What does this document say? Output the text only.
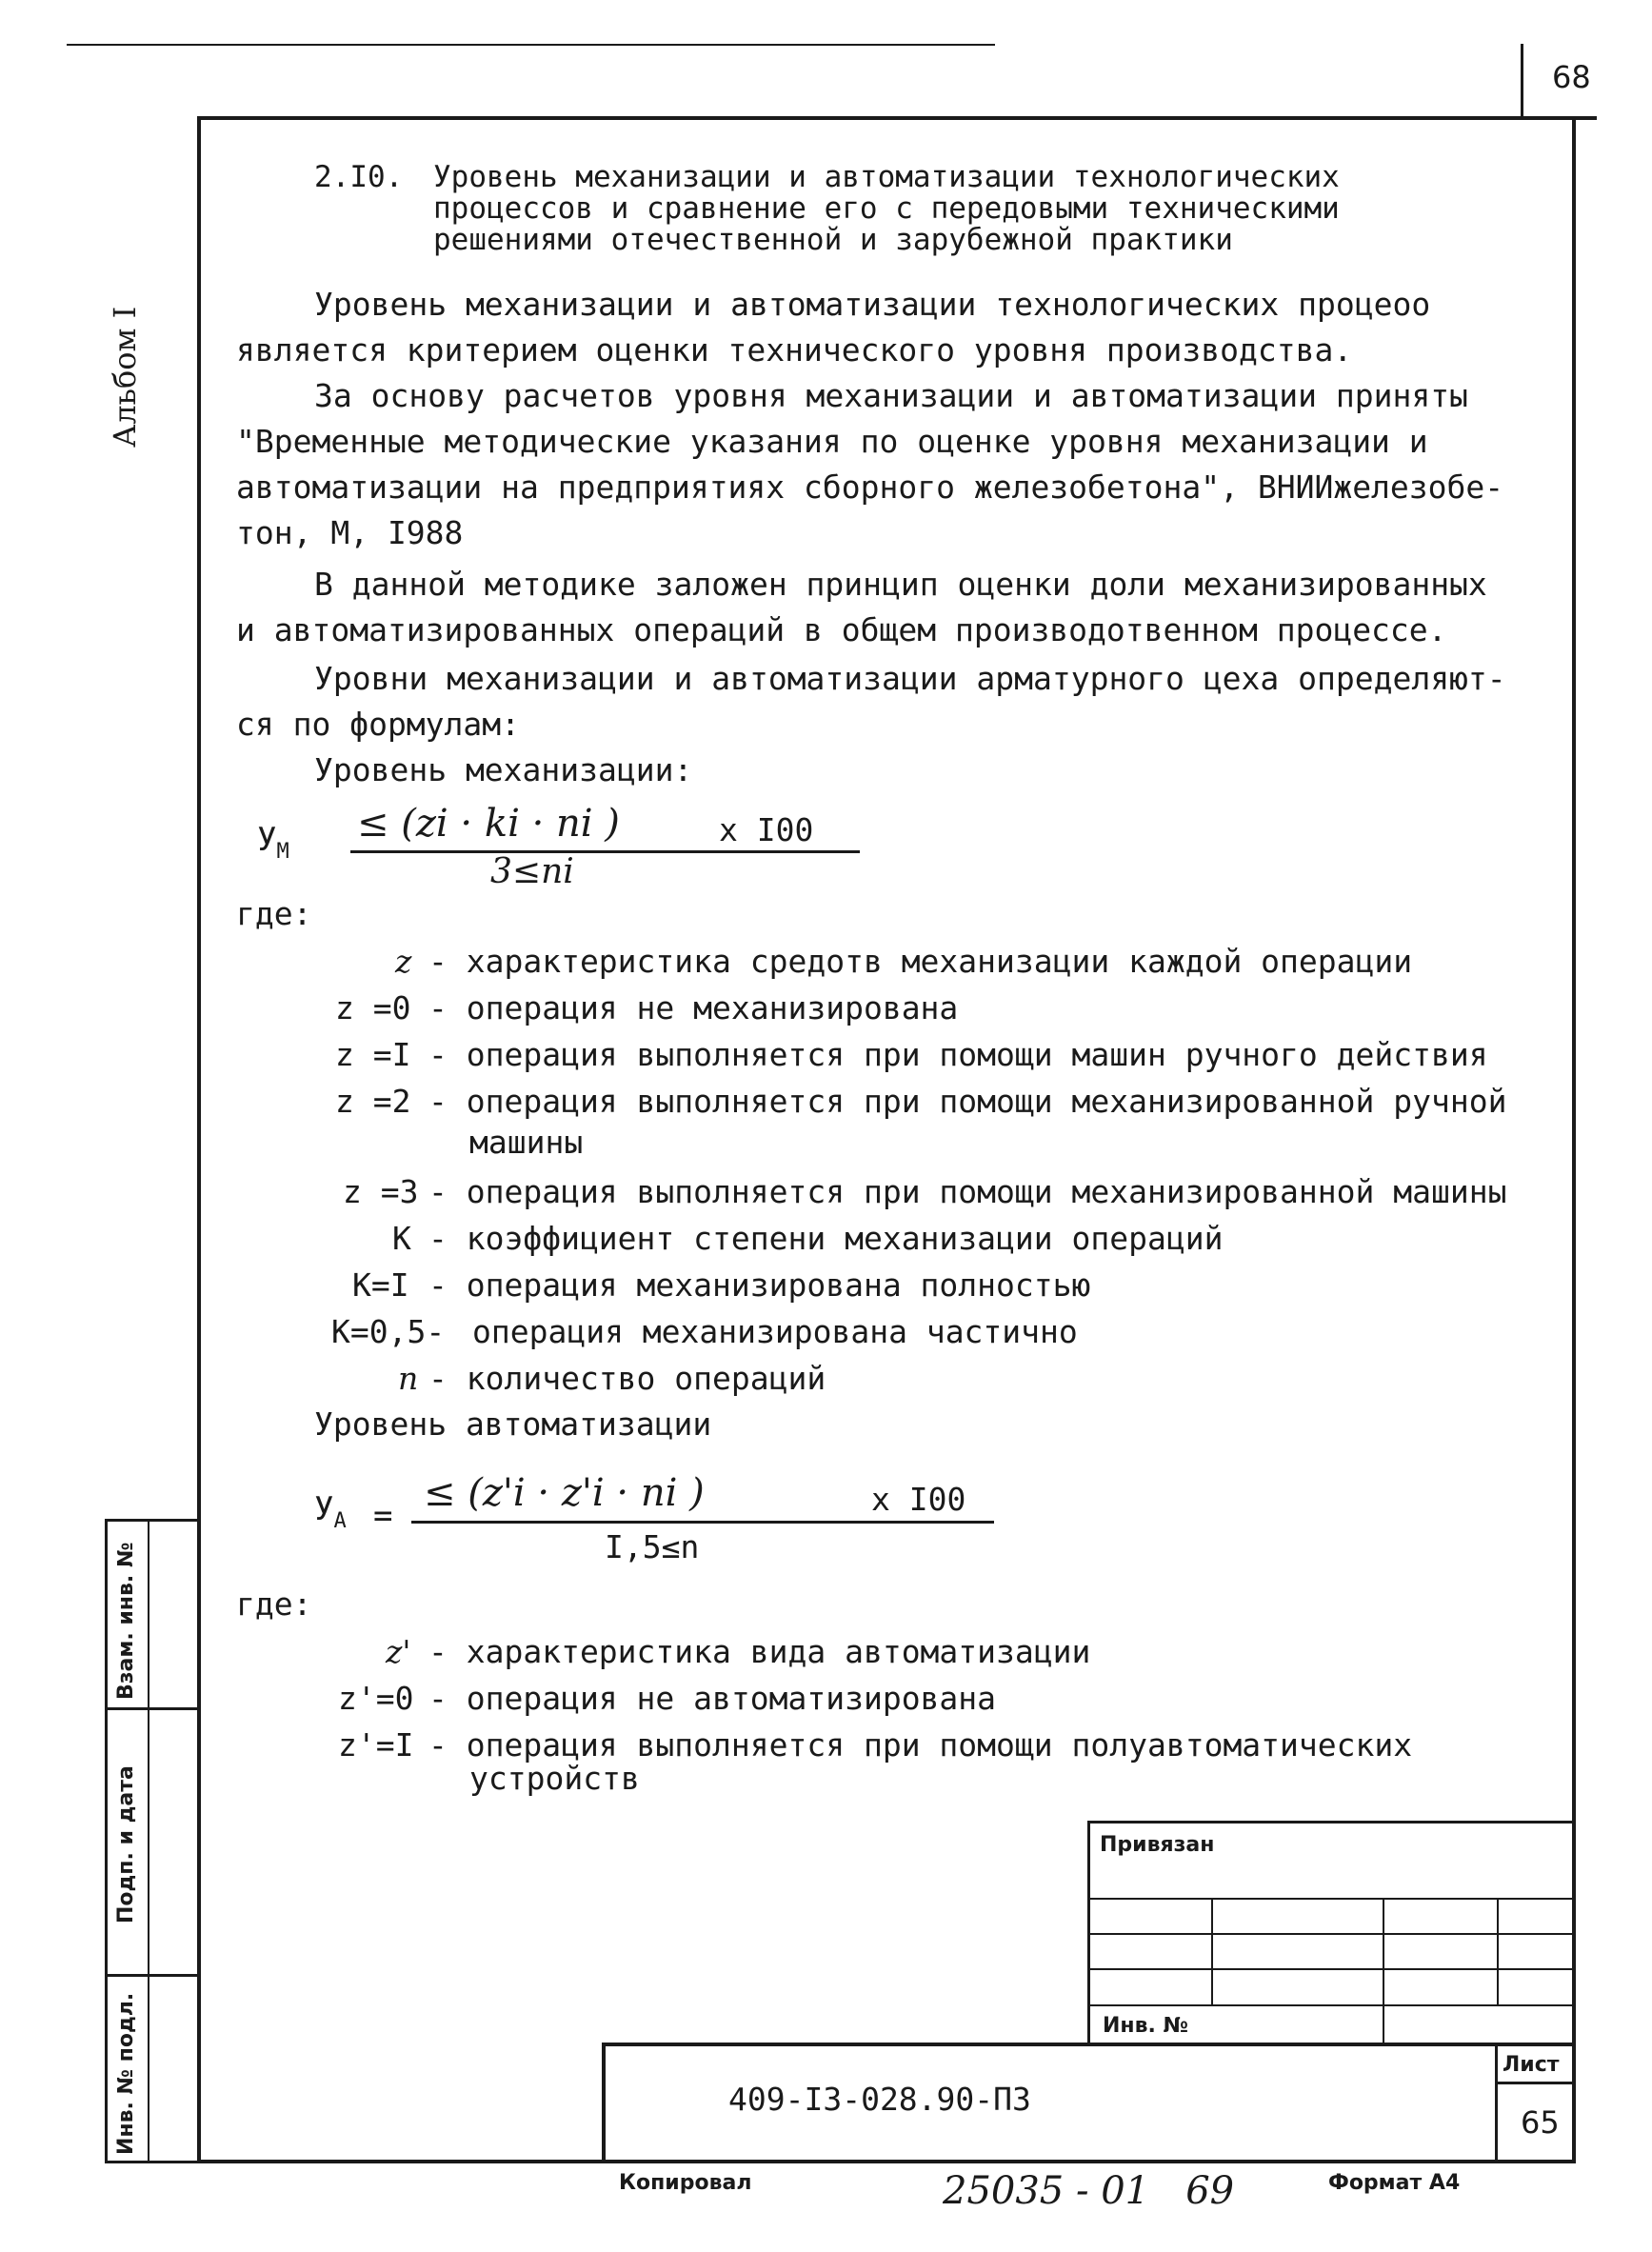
68
Альбом I
Взам. инв. №
Подп. и дата
Инв. № подл.
2.I0. Уровень механизации и автоматизации технологических
процессов и сравнение его с передовыми техническими
решениями отечественной и зарубежной практики
Уровень механизации и автоматизации технологических процеоо
является критерием оценки технического уровня производства.
За основу расчетов уровня механизации и автоматизации приняты
"Временные методические указания по оценке уровня механизации и
автоматизации на предприятиях сборного железобетона", ВНИИжелезобе-
тон, М, I988
В данной методике заложен принцип оценки доли механизированных
и автоматизированных операций в общем производотвенном процессе.
Уровни механизации и автоматизации арматурного цеха определяют-
ся по формулам:
Уровень механизации:
$У_М$
≤ (zi · ki · ni )	x I00
3≤ni
где:
z - характеристика средотв механизации каждой операции
z =0 - операция не механизирована
z =I - операция выполняется при помощи машин ручного действия
z =2 - операция выполняется при помощи механизированной ручной
машины
z =3 - операция выполняется при помощи механизированной машины
К - коэффициент степени механизации операций
К=I - операция механизирована полностью
К=0,5- операция механизирована частично
n - количество операций
Уровень автоматизации
$У_А$ =
≤ (z'i · z'i · ni )	x I00
I,5≤n
где:
z' - характеристика вида автоматизации
z'=0 - операция не автоматизирована
z'=I - операция выполняется при помощи полуавтоматических
устройств
Привязан
Инв. №
409-I3-028.90-ПЗ
Лист
65
Копировал	25035 - 01   69	Формат А4
